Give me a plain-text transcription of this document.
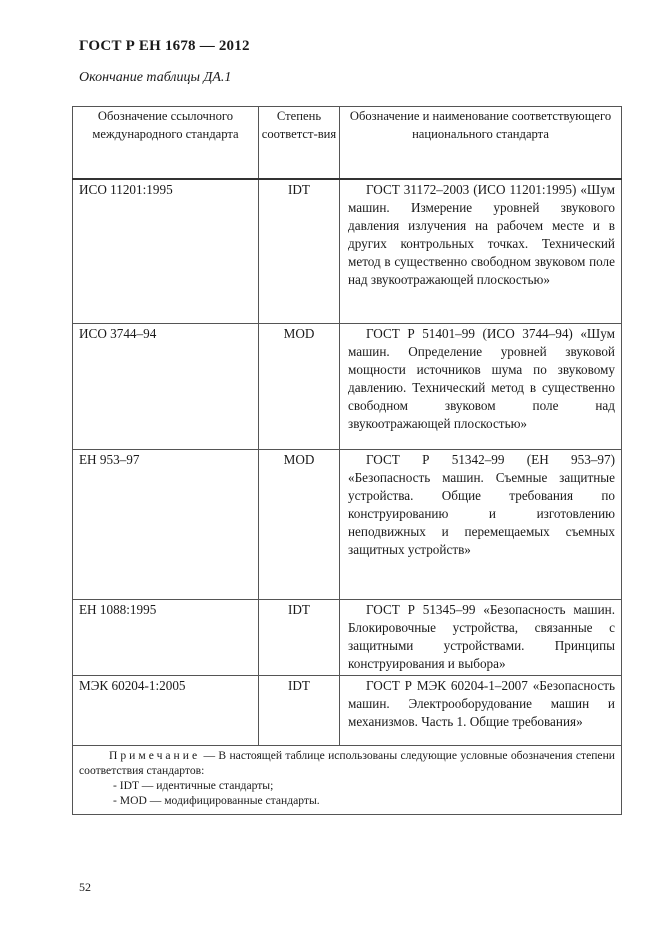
ГОСТ Р ЕН 1678 — 2012
Окончание таблицы ДА.1
Обозначение ссылочного международного стандарта	Степень соответст-вия	Обозначение и наименование соответствующего национального стандарта
ИСО 11201:1995	IDT	ГОСТ 31172–2003 (ИСО 11201:1995) «Шум машин. Измерение уровней звукового давления излучения на рабочем месте и в других контрольных точках. Технический метод в существенно свободном звуковом поле над звукоотражающей плоскостью»
ИСО 3744–94	MOD	ГОСТ Р 51401–99 (ИСО 3744–94) «Шум машин. Определение уровней звуковой мощности источников шума по звуковому давлению. Технический метод в существенно свободном звуковом поле над звукоотражающей плоскостью»
ЕН 953–97	MOD	ГОСТ Р 51342–99 (ЕН 953–97) «Безопасность машин. Съемные защитные устройства. Общие требования по конструированию и изготовлению неподвижных и перемещаемых съемных защитных устройств»
ЕН 1088:1995	IDT	ГОСТ Р 51345–99 «Безопасность машин. Блокировочные устройства, связанные с защитными устройствами. Принципы конструирования и выбора»
МЭК 60204-1:2005	IDT	ГОСТ Р МЭК 60204-1–2007 «Безопасность машин. Электрооборудование машин и механизмов. Часть 1. Общие требования»

Примечание — В настоящей таблице использованы следующие условные обозначения степени соответствия стандартов:
- IDT — идентичные стандарты;
- MOD — модифицированные стандарты.		
52
